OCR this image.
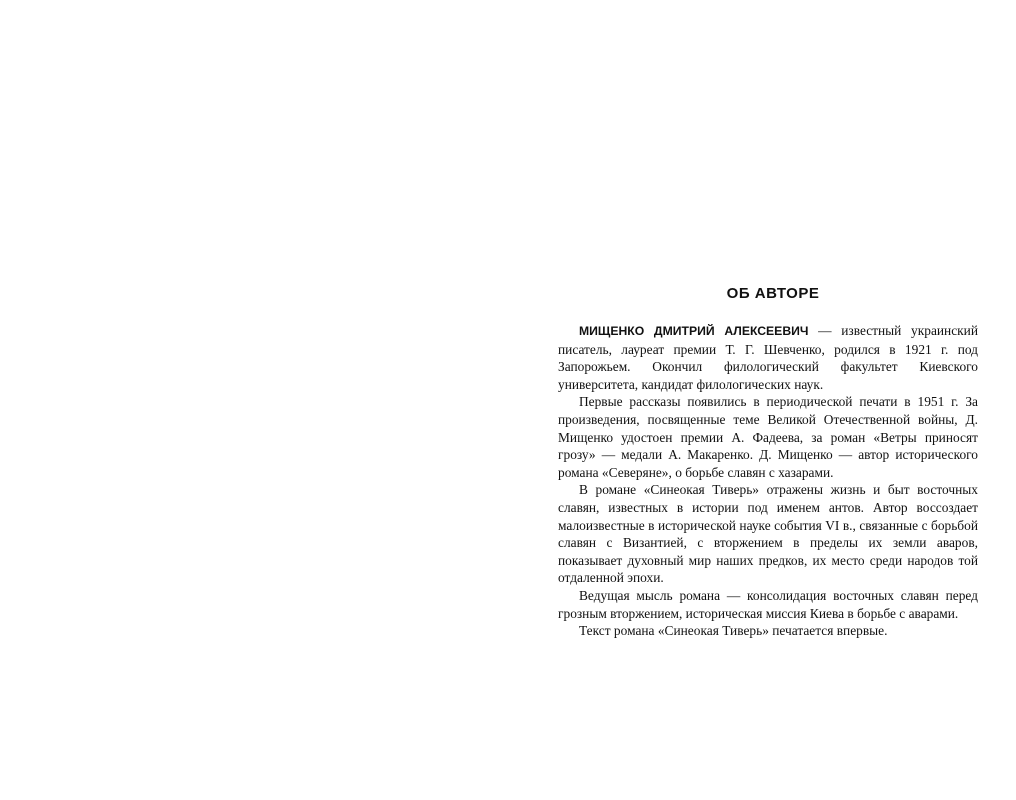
ОБ АВТОРЕ

МИЩЕНКО ДМИТРИЙ АЛЕКСЕЕВИЧ — известный украинский писатель, лауреат премии Т. Г. Шевченко, родился в 1921 г. под Запорожьем. Окончил филологический факультет Киевского университета, кандидат филологических наук.

Первые рассказы появились в периодической печати в 1951 г. За произведения, посвященные теме Великой Отечественной войны, Д. Мищенко удостоен премии А. Фадеева, за роман «Ветры приносят грозу» — медали А. Макаренко. Д. Мищенко — автор исторического романа «Северяне», о борьбе славян с хазарами.

В романе «Синеокая Тиверь» отражены жизнь и быт восточных славян, известных в истории под именем антов. Автор воссоздает малоизвестные в исторической науке события VI в., связанные с борьбой славян с Византией, с вторжением в пределы их земли аваров, показывает духовный мир наших предков, их место среди народов той отдаленной эпохи.

Ведущая мысль романа — консолидация восточных славян перед грозным вторжением, историческая миссия Киева в борьбе с аварами.

Текст романа «Синеокая Тиверь» печатается впервые.
